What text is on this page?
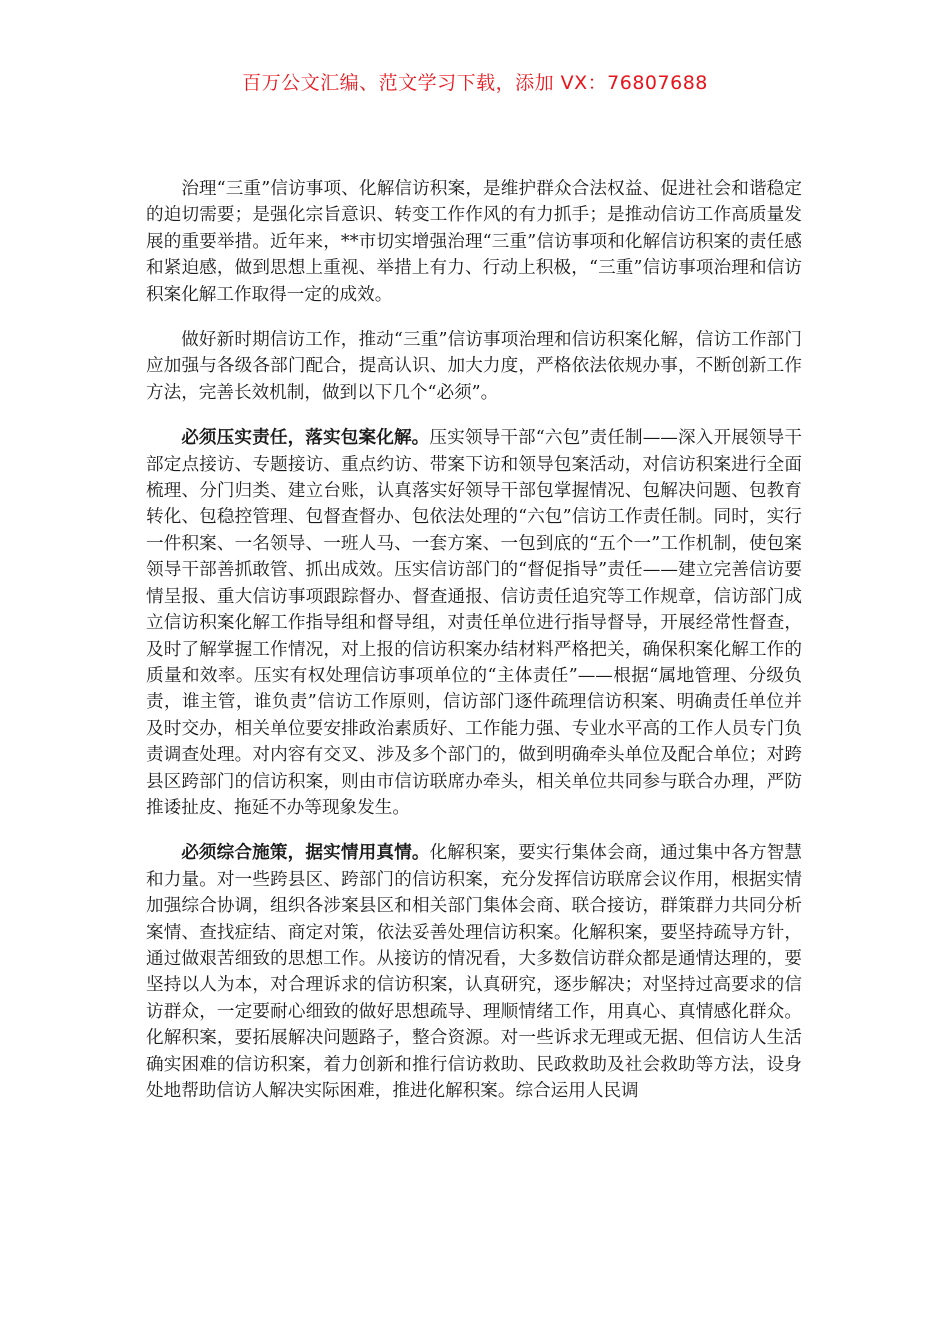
百万公文汇编、范文学习下载，添加 VX：76807688

治理“三重”信访事项、化解信访积案，是维护群众合法权益、促进社会和谐稳定的迫切需要；是强化宗旨意识、转变工作作风的有力抓手；是推动信访工作高质量发展的重要举措。近年来，**市切实增强治理“三重”信访事项和化解信访积案的责任感和紧迫感，做到思想上重视、举措上有力、行动上积极，“三重”信访事项治理和信访积案化解工作取得一定的成效。

做好新时期信访工作，推动“三重”信访事项治理和信访积案化解，信访工作部门应加强与各级各部门配合，提高认识、加大力度，严格依法依规办事，不断创新工作方法，完善长效机制，做到以下几个“必须”。

必须压实责任，落实包案化解。压实领导干部“六包”责任制——深入开展领导干部定点接访、专题接访、重点约访、带案下访和领导包案活动，对信访积案进行全面梳理、分门归类、建立台账，认真落实好领导干部包掌握情况、包解决问题、包教育转化、包稳控管理、包督查督办、包依法处理的“六包”信访工作责任制。同时，实行一件积案、一名领导、一班人马、一套方案、一包到底的“五个一”工作机制，使包案领导干部善抓敢管、抓出成效。压实信访部门的“督促指导”责任——建立完善信访要情呈报、重大信访事项跟踪督办、督查通报、信访责任追究等工作规章，信访部门成立信访积案化解工作指导组和督导组，对责任单位进行指导督导，开展经常性督查，及时了解掌握工作情况，对上报的信访积案办结材料严格把关，确保积案化解工作的质量和效率。压实有权处理信访事项单位的“主体责任”——根据“属地管理、分级负责，谁主管，谁负责”信访工作原则，信访部门逐件疏理信访积案、明确责任单位并及时交办，相关单位要安排政治素质好、工作能力强、专业水平高的工作人员专门负责调查处理。对内容有交叉、涉及多个部门的，做到明确牵头单位及配合单位；对跨县区跨部门的信访积案，则由市信访联席办牵头，相关单位共同参与联合办理，严防推诿扯皮、拖延不办等现象发生。

必须综合施策，据实情用真情。化解积案，要实行集体会商，通过集中各方智慧和力量。对一些跨县区、跨部门的信访积案，充分发挥信访联席会议作用，根据实情加强综合协调，组织各涉案县区和相关部门集体会商、联合接访，群策群力共同分析案情、查找症结、商定对策，依法妥善处理信访积案。化解积案，要坚持疏导方针，通过做艰苦细致的思想工作。从接访的情况看，大多数信访群众都是通情达理的，要坚持以人为本，对合理诉求的信访积案，认真研究，逐步解决；对坚持过高要求的信访群众，一定要耐心细致的做好思想疏导、理顺情绪工作，用真心、真情感化群众。化解积案，要拓展解决问题路子，整合资源。对一些诉求无理或无据、但信访人生活确实困难的信访积案，着力创新和推行信访救助、民政救助及社会救助等方法，设身处地帮助信访人解决实际困难，推进化解积案。综合运用人民调
